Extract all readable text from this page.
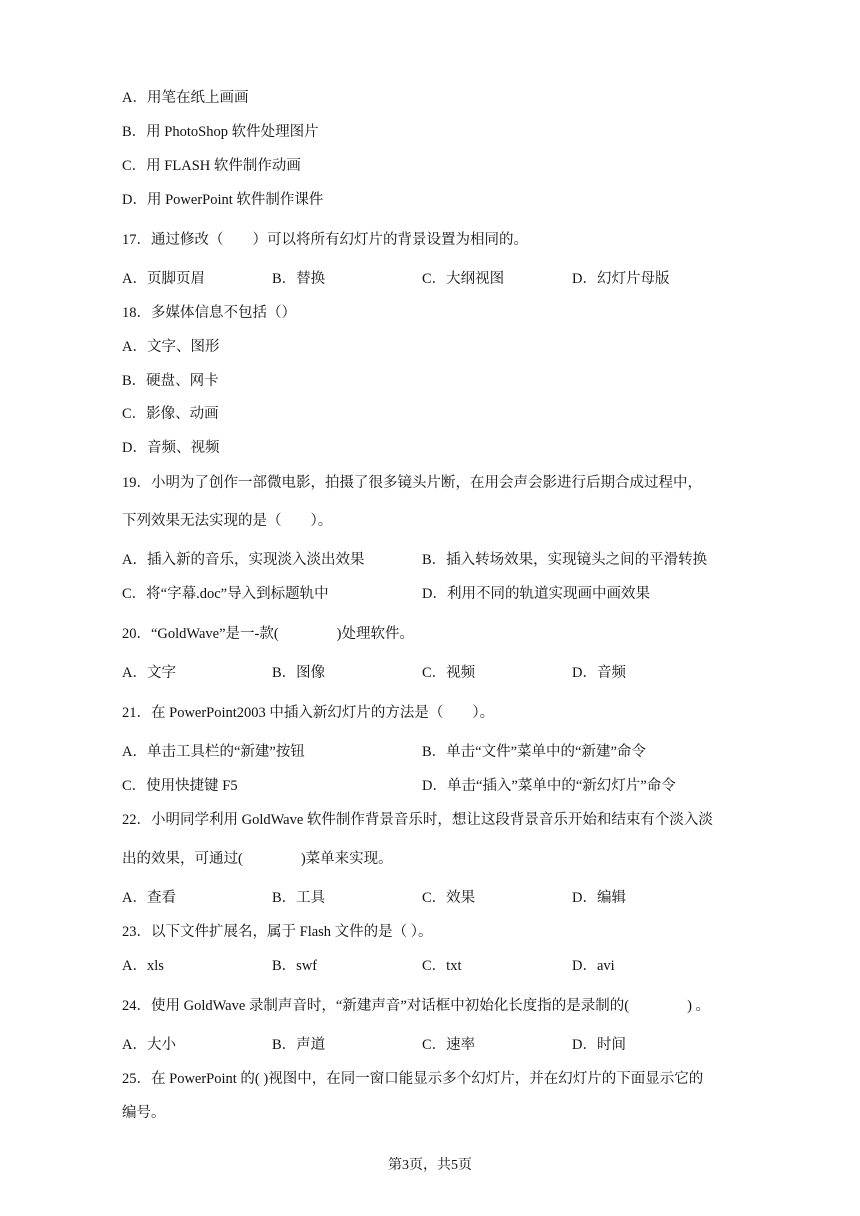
A．用笔在纸上画画
B．用 PhotoShop 软件处理图片
C．用 FLASH 软件制作动画
D．用 PowerPoint 软件制作课件
17．通过修改（　　）可以将所有幻灯片的背景设置为相同的。
A．页脚页眉	B．替换	C．大纲视图	D．幻灯片母版
18．多媒体信息不包括（）
A．文字、图形
B．硬盘、网卡
C．影像、动画
D．音频、视频
19．小明为了创作一部微电影，拍摄了很多镜头片断，在用会声会影进行后期合成过程中，
下列效果无法实现的是（　　）。
A．插入新的音乐，实现淡入淡出效果	B．插入转场效果，实现镜头之间的平滑转换
C．将“字幕.doc”导入到标题轨中	D．利用不同的轨道实现画中画效果
20．“GoldWave”是一-款(　　　　)处理软件。
A．文字	B．图像	C．视频	D．音频
21．在 PowerPoint2003 中插入新幻灯片的方法是（　　）。
A．单击工具栏的“新建”按钮	B．单击“文件”菜单中的“新建”命令
C．使用快捷键 F5	D．单击“插入”菜单中的“新幻灯片”命令
22．小明同学利用 GoldWave 软件制作背景音乐时，想让这段背景音乐开始和结束有个淡入淡
出的效果，可通过(　　　　)菜单来实现。
A．查看	B．工具	C．效果	D．编辑
23．以下文件扩展名，属于 Flash 文件的是（ ）。
A．xls	B．swf	C．txt	D．avi
24．使用 GoldWave 录制声音时，“新建声音”对话框中初始化长度指的是录制的(　　　　) 。
A．大小	B．声道	C．速率	D．时间
25．在 PowerPoint 的( )视图中，在同一窗口能显示多个幻灯片，并在幻灯片的下面显示它的
编号。
第3页，共5页
